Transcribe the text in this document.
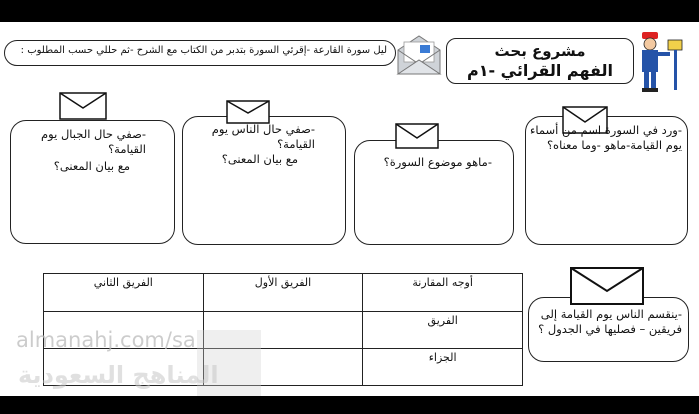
مشروع بحث
الفهم القرائي -١م
ليل سورة القارعة -إقرئي السورة بتدبر من الكتاب مع الشرح -ثم حللي حسب المطلوب :
-ورد في السورة اسم من أسماء يوم القيامة-ماهو -وما معناه؟
-ماهو موضوع السورة؟
-صفي حال الناس يوم القيامة؟
مع بيان المعنى؟
-صفي حال الجبال يوم القيامة؟
مع بيان المعنى؟
-ينقسم الناس يوم القيامة إلى فريقين – فصليها في الجدول ؟
أوجه المقارنة	الفريق الأول	الفريق الثاني
الفريق		
الجزاء		
almanahj.com/sa
المناهج السعودية
